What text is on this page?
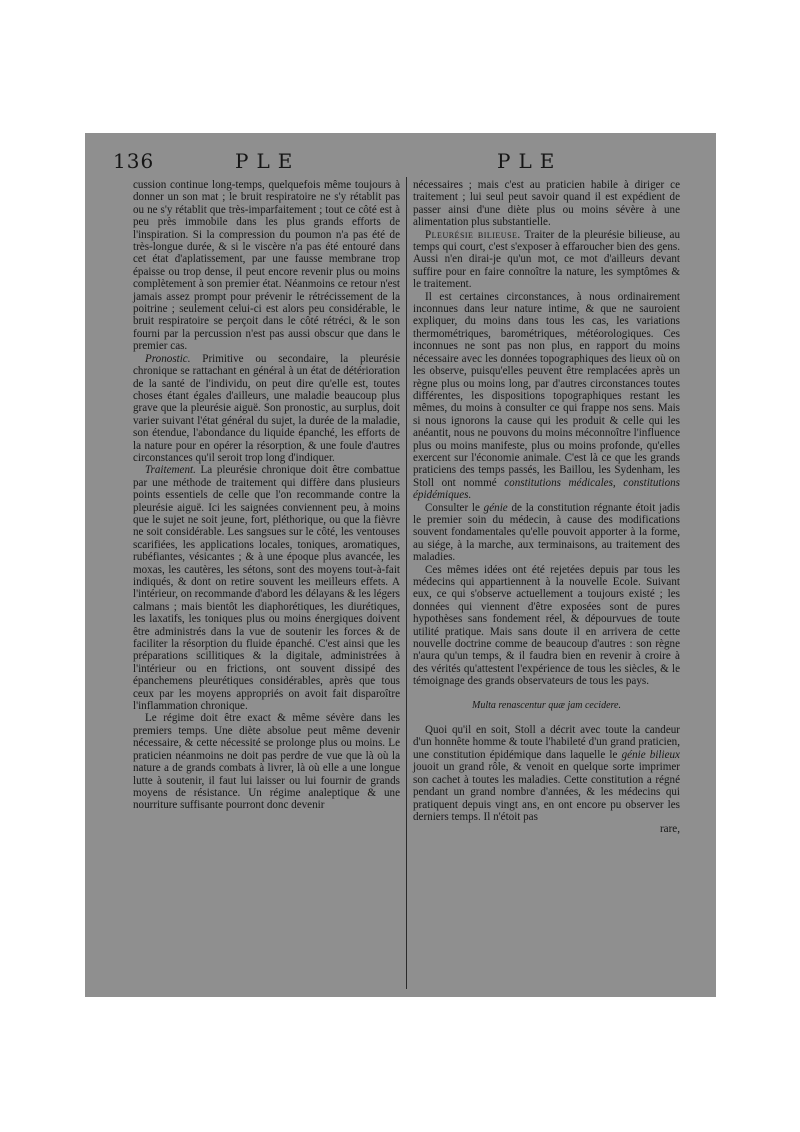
136	PLE	PLE

cussion continue long-temps, quelquefois même toujours à donner un son mat ; le bruit respiratoire ne s'y rétablit pas ou ne s'y rétablit que très-imparfaitement ; tout ce côté est à peu près immobile dans les plus grands efforts de l'inspiration. Si la compression du poumon n'a pas été de très-longue durée, & si le viscère n'a pas été entouré dans cet état d'aplatissement, par une fausse membrane trop épaisse ou trop dense, il peut encore revenir plus ou moins complètement à son premier état. Néanmoins ce retour n'est jamais assez prompt pour prévenir le rétrécissement de la poitrine ; seulement celui-ci est alors peu considérable, le bruit respiratoire se perçoit dans le côté rétréci, & le son fourni par la percussion n'est pas aussi obscur que dans le premier cas.

Pronostic. Primitive ou secondaire, la pleurésie chronique se rattachant en général à un état de détérioration de la santé de l'individu, on peut dire qu'elle est, toutes choses étant égales d'ailleurs, une maladie beaucoup plus grave que la pleurésie aiguë. Son pronostic, au surplus, doit varier suivant l'état général du sujet, la durée de la maladie, son étendue, l'abondance du liquide épanché, les efforts de la nature pour en opérer la résorption, & une foule d'autres circonstances qu'il seroit trop long d'indiquer.

Traitement. La pleurésie chronique doit être combattue par une méthode de traitement qui diffère dans plusieurs points essentiels de celle que l'on recommande contre la pleurésie aiguë. Ici les saignées conviennent peu, à moins que le sujet ne soit jeune, fort, pléthorique, ou que la fièvre ne soit considérable. Les sangsues sur le côté, les ventouses scarifiées, les applications locales, toniques, aromatiques, rubéfiantes, vésicantes ; & à une époque plus avancée, les moxas, les cautères, les sétons, sont des moyens tout-à-fait indiqués, & dont on retire souvent les meilleurs effets. A l'intérieur, on recommande d'abord les délayans & les légers calmans ; mais bientôt les diaphorétiques, les diurétiques, les laxatifs, les toniques plus ou moins énergiques doivent être administrés dans la vue de soutenir les forces & de faciliter la résorption du fluide épanché. C'est ainsi que les préparations scillitiques & la digitale, administrées à l'intérieur ou en frictions, ont souvent dissipé des épanchemens pleurétiques considérables, après que tous ceux par les moyens appropriés on avoit fait disparoître l'inflammation chronique.

Le régime doit être exact & même sévère dans les premiers temps. Une diète absolue peut même devenir nécessaire, & cette nécessité se prolonge plus ou moins. Le praticien néanmoins ne doit pas perdre de vue que là où la nature a de grands combats à livrer, là où elle a une longue lutte à soutenir, il faut lui laisser ou lui fournir de grands moyens de résistance. Un régime analeptique & une nourriture suffisante pourront donc devenir

nécessaires ; mais c'est au praticien habile à diriger ce traitement ; lui seul peut savoir quand il est expédient de passer ainsi d'une diète plus ou moins sévère à une alimentation plus substantielle.

Pleurésie bilieuse. Traiter de la pleurésie bilieuse, au temps qui court, c'est s'exposer à effaroucher bien des gens. Aussi n'en dirai-je qu'un mot, ce mot d'ailleurs devant suffire pour en faire connoître la nature, les symptômes & le traitement.

Il est certaines circonstances, à nous ordinairement inconnues dans leur nature intime, & que ne sauroient expliquer, du moins dans tous les cas, les variations thermométriques, barométriques, météorologiques. Ces inconnues ne sont pas non plus, en rapport du moins nécessaire avec les données topographiques des lieux où on les observe, puisqu'elles peuvent être remplacées après un règne plus ou moins long, par d'autres circonstances toutes différentes, les dispositions topographiques restant les mêmes, du moins à consulter ce qui frappe nos sens. Mais si nous ignorons la cause qui les produit & celle qui les anéantit, nous ne pouvons du moins méconnoître l'influence plus ou moins manifeste, plus ou moins profonde, qu'elles exercent sur l'économie animale. C'est là ce que les grands praticiens des temps passés, les Baillou, les Sydenham, les Stoll ont nommé constitutions médicales, constitutions épidémiques.

Consulter le génie de la constitution régnante étoit jadis le premier soin du médecin, à cause des modifications souvent fondamentales qu'elle pouvoit apporter à la forme, au siége, à la marche, aux terminaisons, au traitement des maladies.

Ces mêmes idées ont été rejetées depuis par tous les médecins qui appartiennent à la nouvelle Ecole. Suivant eux, ce qui s'observe actuellement a toujours existé ; les données qui viennent d'être exposées sont de pures hypothèses sans fondement réel, & dépourvues de toute utilité pratique. Mais sans doute il en arrivera de cette nouvelle doctrine comme de beaucoup d'autres : son règne n'aura qu'un temps, & il faudra bien en revenir à croire à des vérités qu'attestent l'expérience de tous les siècles, & le témoignage des grands observateurs de tous les pays.

Multa renascentur quæ jam cecidere.

Quoi qu'il en soit, Stoll a décrit avec toute la candeur d'un honnête homme & toute l'habileté d'un grand praticien, une constitution épidémique dans laquelle le génie bilieux jouoit un grand rôle, & venoit en quelque sorte imprimer son cachet à toutes les maladies. Cette constitution a régné pendant un grand nombre d'années, & les médecins qui pratiquent depuis vingt ans, en ont encore pu observer les derniers temps. Il n'étoit pas

rare,
